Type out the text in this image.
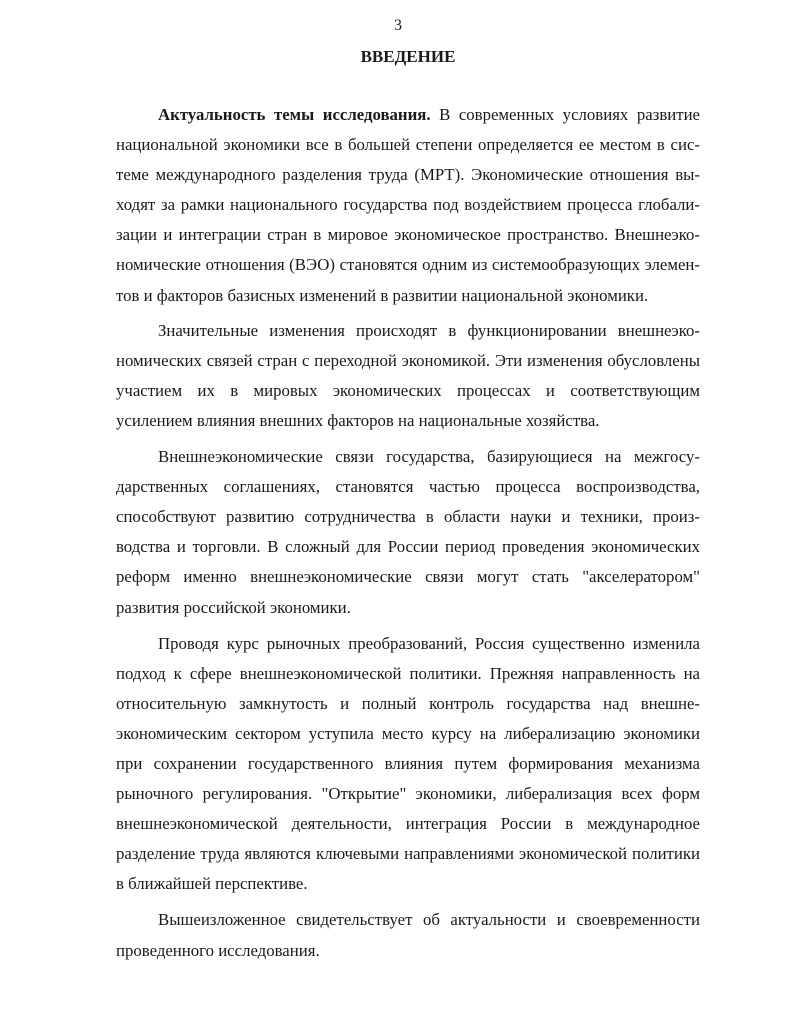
3
ВВЕДЕНИЕ

Актуальность темы исследования. В современных условиях развитие национальной экономики все в большей степени определяется ее местом в системе международного разделения труда (МРТ). Экономические отношения выходят за рамки национального государства под воздействием процесса глобализации и интеграции стран в мировое экономическое пространство. Внешнеэкономические отношения (ВЭО) становятся одним из системообразующих элементов и факторов базисных изменений в развитии национальной экономики.

Значительные изменения происходят в функционировании внешнеэкономических связей стран с переходной экономикой. Эти изменения обусловлены участием их в мировых экономических процессах и соответствующим усилением влияния внешних факторов на национальные хозяйства.

Внешнеэкономические связи государства, базирующиеся на межгосударственных соглашениях, становятся частью процесса воспроизводства, способствуют развитию сотрудничества в области науки и техники, производства и торговли. В сложный для России период проведения экономических реформ именно внешнеэкономические связи могут стать "акселератором" развития российской экономики.

Проводя курс рыночных преобразований, Россия существенно изменила подход к сфере внешнеэкономической политики. Прежняя направленность на относительную замкнутость и полный контроль государства над внешнеэкономическим сектором уступила место курсу на либерализацию экономики при сохранении государственного влияния путем формирования механизма рыночного регулирования. "Открытие" экономики, либерализация всех форм внешнеэкономической деятельности, интеграция России в международное разделение труда являются ключевыми направлениями экономической политики в ближайшей перспективе.

Вышеизложенное свидетельствует об актуальности и своевременности проведенного исследования.
